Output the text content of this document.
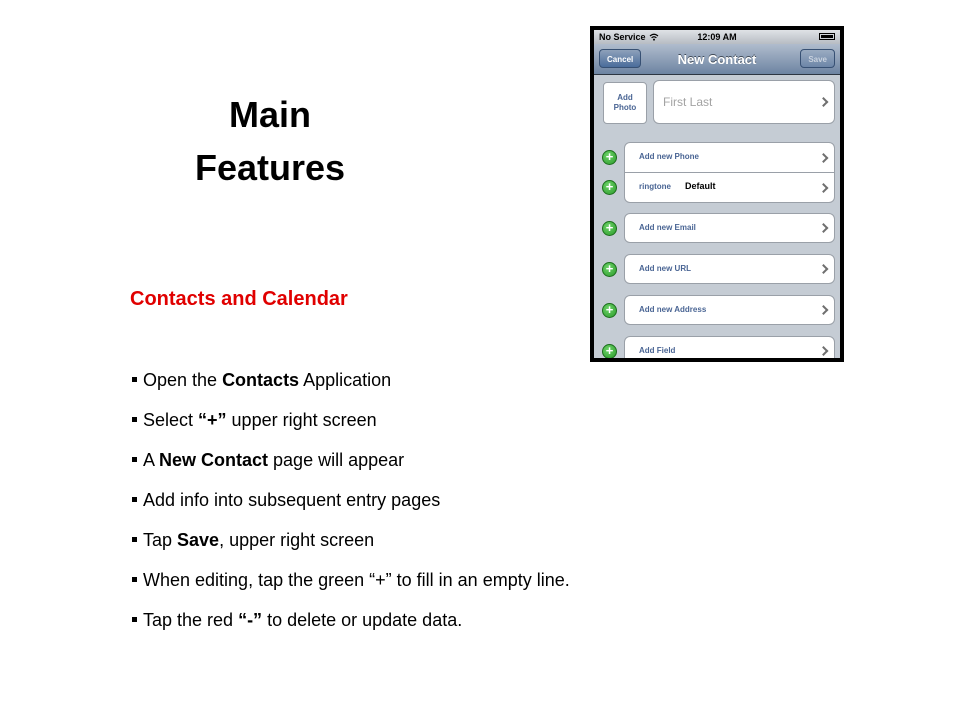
Main
Features
Contacts and Calendar
Open the Contacts Application
Select “+” upper right screen
A New Contact page will appear
Add info into subsequent entry pages
Tap Save, upper right screen
When editing, tap the green “+” to fill in an empty line.
Tap the red “-” to delete or update data.
No Service	12:09 AM
Cancel	New Contact	Save
Add Photo First Last
+	Add new Phone
+	ringtone Default
+	Add new Email
+	Add new URL
+	Add new Address
+	Add Field
